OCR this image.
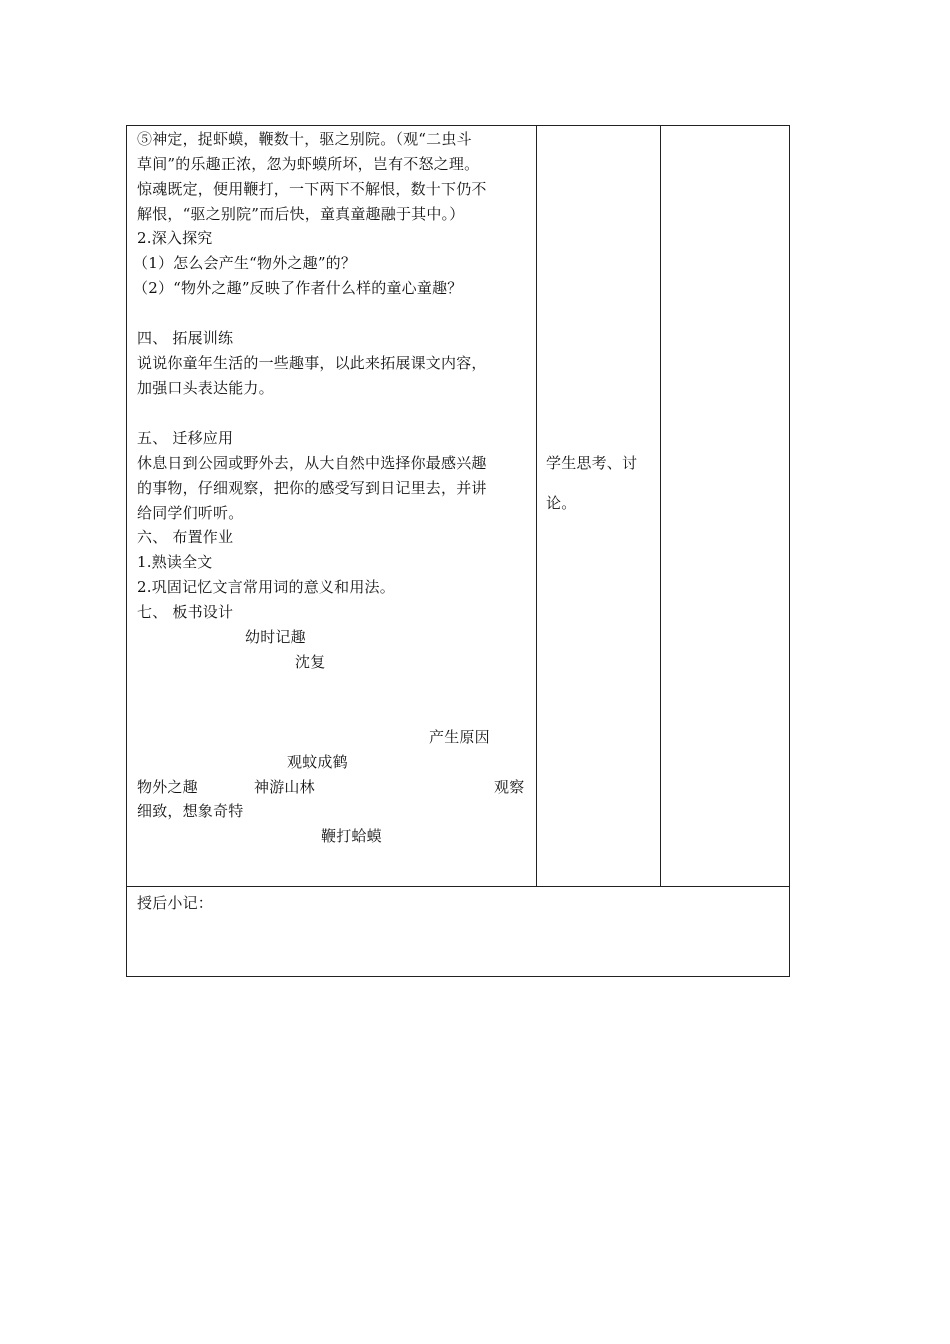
⑤神定，捉虾蟆，鞭数十，驱之别院。（观“二虫斗
草间”的乐趣正浓，忽为虾蟆所坏，岂有不怒之理。
惊魂既定，便用鞭打，一下两下不解恨，数十下仍不
解恨，“驱之别院”而后快，童真童趣融于其中。）
2.深入探究
（1）怎么会产生“物外之趣”的？
（2）“物外之趣”反映了作者什么样的童心童趣？
四、 拓展训练
说说你童年生活的一些趣事，以此来拓展课文内容，
加强口头表达能力。
五、 迁移应用
休息日到公园或野外去，从大自然中选择你最感兴趣
的事物，仔细观察，把你的感受写到日记里去，并讲
给同学们听听。
六、 布置作业
1.熟读全文
2.巩固记忆文言常用词的意义和用法。
七、 板书设计
幼时记趣
沈复
产生原因
观蚊成鹤
物外之趣	神游山林	观察
细致，想象奇特
鞭打蛤蟆
学生思考、讨
论。
授后小记：
